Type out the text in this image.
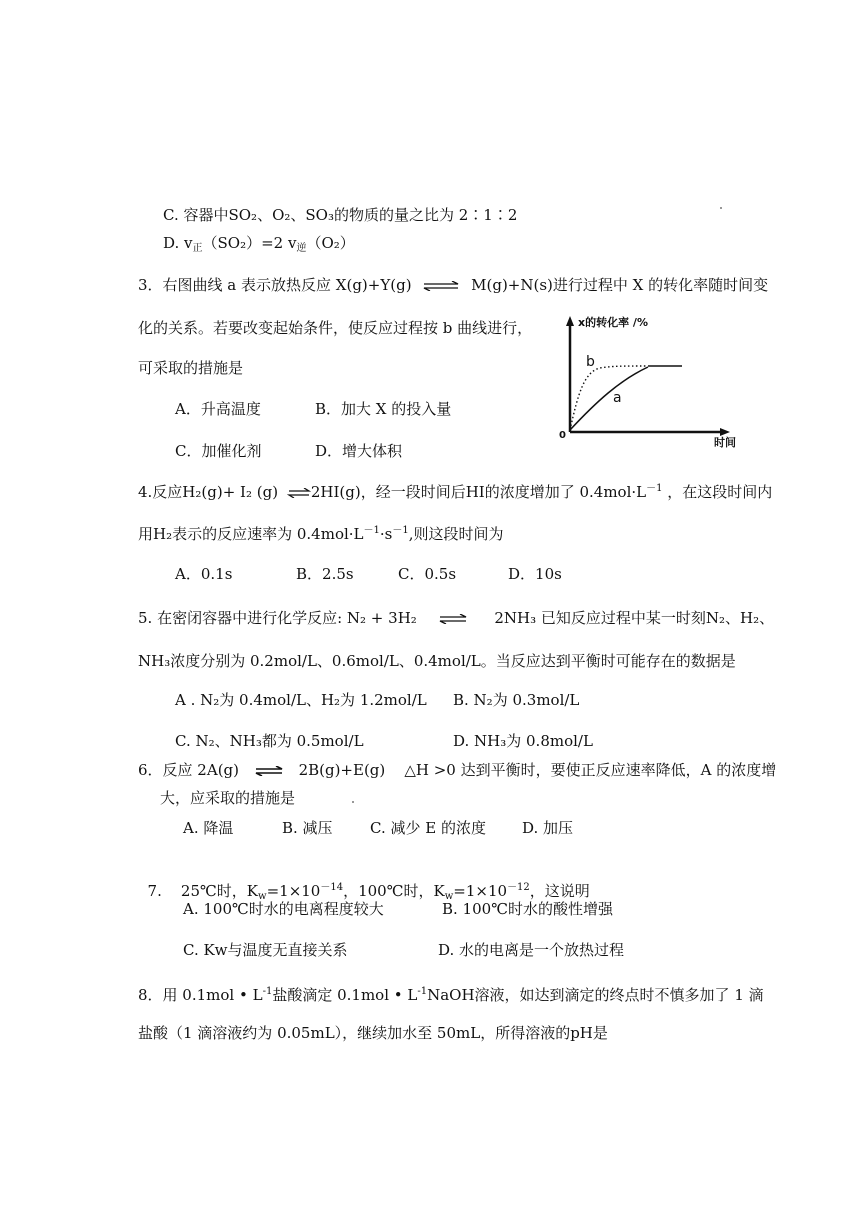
C. 容器中SO₂、O₂、SO₃的物质的量之比为 2∶1∶2
D. $v_正(SO_2)=2$ $v_逆(O_2)$
3．右图曲线 a 表示放热反应 X(g)+Y(g) ⇌ M(g)+N(s)进行过程中 X 的转化率随时间变
化的关系。若要改变起始条件，使反应过程按 b 曲线进行，
可采取的措施是
A．升高温度	B．加大 X 的投入量
C．加催化剂	D．增大体积
x的转化率 /%
时间
0
b
a
4.反应H₂(g)+ I₂ (g) ⇌2HI(g)，经一段时间后HI的浓度增加了 $0.4mol\cdot L^{-1}$ ，在这段时间内
用H₂表示的反应速率为 $0.4mol\cdot L^{-1}\cdot s^{-1}$,则这段时间为
A．0.1s	B．2.5s	C．0.5s	D．10s
5. 在密闭容器中进行化学反应: N₂ + 3H₂ ⇌ 2NH₃ 已知反应过程中某一时刻N₂、H₂、
NH₃浓度分别为 0.2mol/L、0.6mol/L、0.4mol/L。当反应达到平衡时可能存在的数据是
A . N₂为 0.4mol/L、H₂为 1.2mol/L B. N₂为 0.3mol/L
C. N₂、NH₃都为 0.5mol/L	D. NH₃为 0.8mol/L
6．反应 2A(g) ⇌ 2B(g)+E(g) △H >0 达到平衡时，要使正反应速率降低，A 的浓度增
大，应采取的措施是
A. 降温	B. 减压 C. 减少 E 的浓度 D. 加压

7.    25℃时，$K_w=1\times 10^{-14}$，100℃时，$K_w=1\times 10^{-12}$，这说明

A. 100℃时水的电离程度较大	B. 100℃时水的酸性增强
C. Kw与温度无直接关系	D. 水的电离是一个放热过程
8．用 0.1mol • $L^{-1}$盐酸滴定 0.1mol • $L^{-1}NaOH$溶液，如达到滴定的终点时不慎多加了 1 滴
盐酸（1 滴溶液约为 0.05mL），继续加水至 50mL，所得溶液的pH是
